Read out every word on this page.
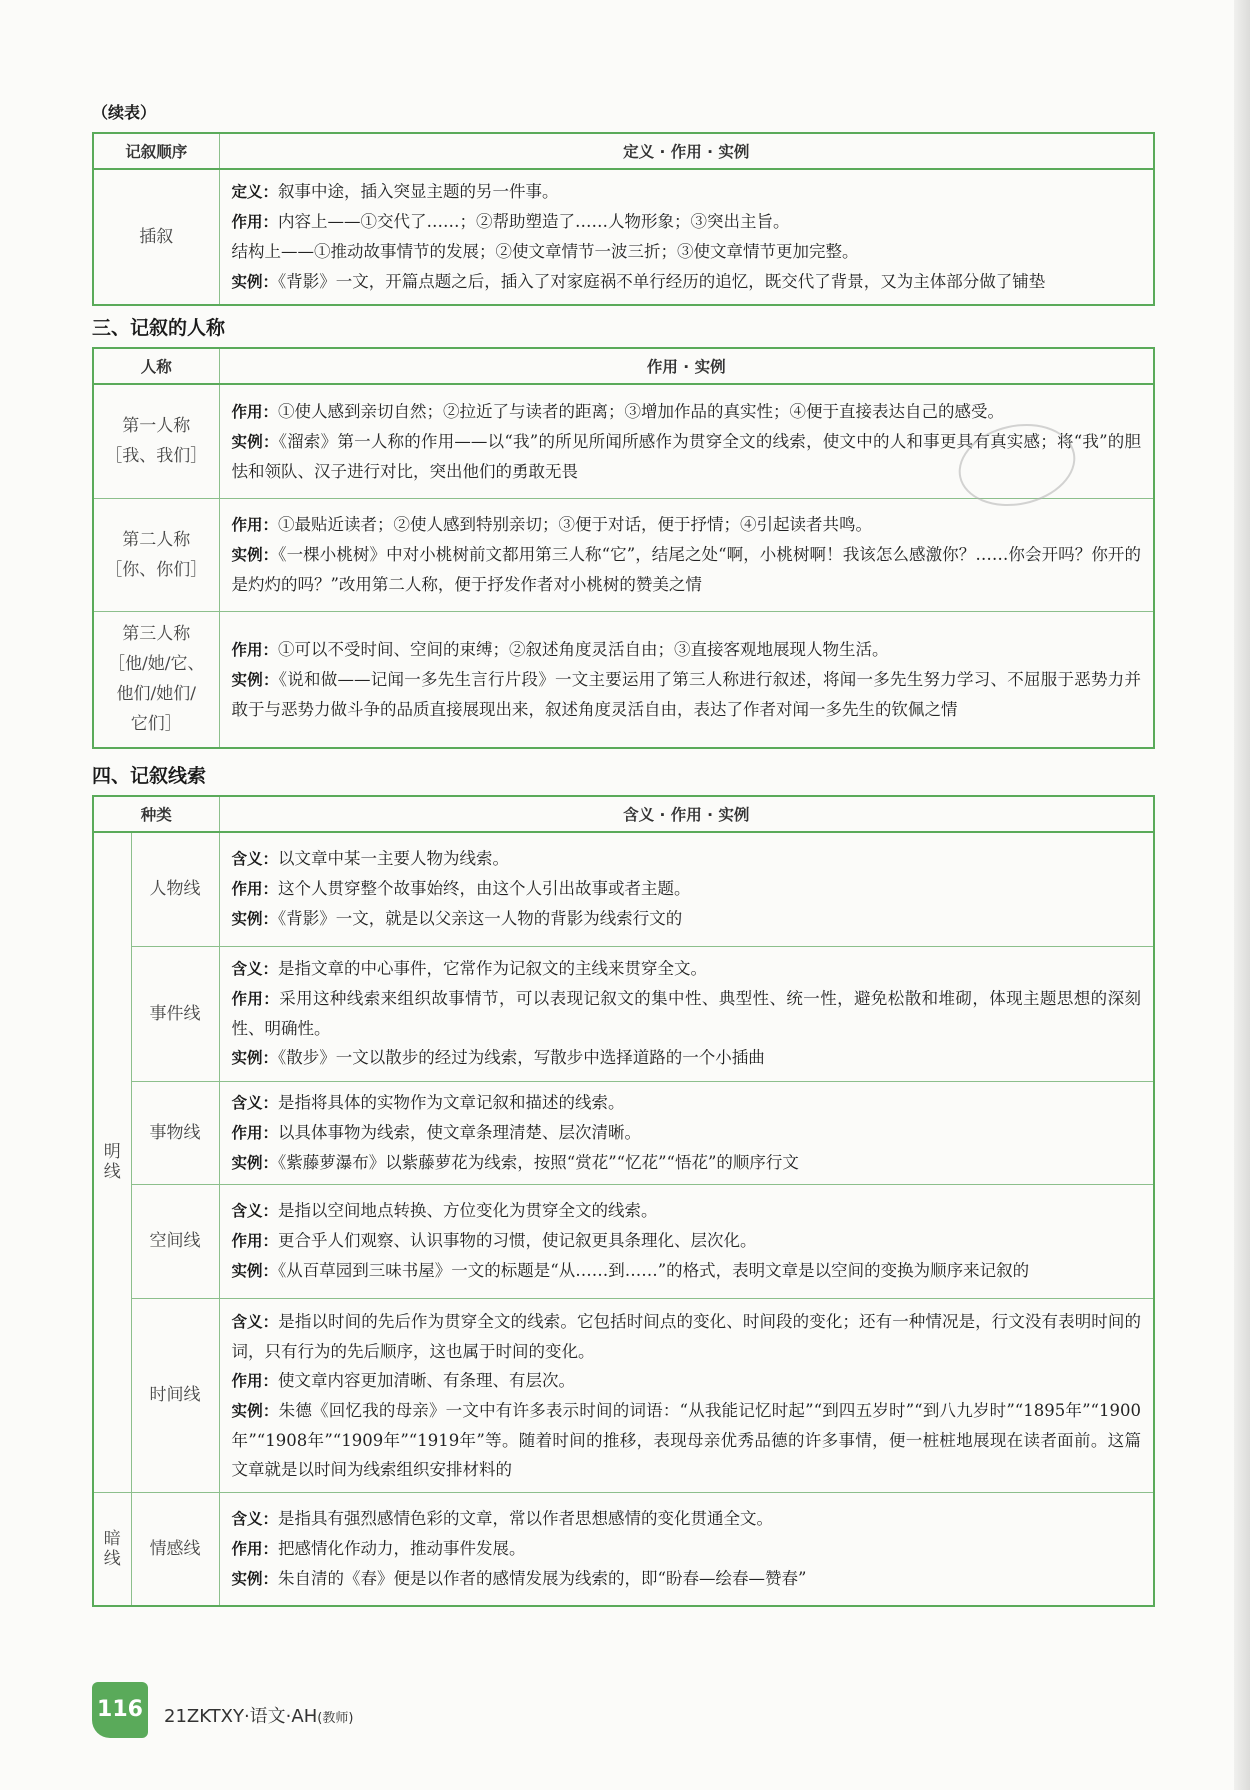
（续表）
记叙顺序	定义 · 作用 · 实例
插叙	定义：叙事中途，插入突显主题的另一件事。
作用：内容上——①交代了……；②帮助塑造了……人物形象；③突出主旨。
结构上——①推动故事情节的发展；②使文章情节一波三折；③使文章情节更加完整。
实例：《背影》一文，开篇点题之后，插入了对家庭祸不单行经历的追忆，既交代了背景，又为主体部分做了铺垫
三、记叙的人称
人称	作用 · 实例

第一人称
［我、我们］	作用：①使人感到亲切自然；②拉近了与读者的距离；③增加作品的真实性；④便于直接表达自己的感受。
实例：《溜索》第一人称的作用——以“我”的所见所闻所感作为贯穿全文的线索，使文中的人和事更具有真实感；将“我”的胆怯和领队、汉子进行对比，突出他们的勇敢无畏

第二人称
［你、你们］	作用：①最贴近读者；②使人感到特别亲切；③便于对话，便于抒情；④引起读者共鸣。
实例：《一棵小桃树》中对小桃树前文都用第三人称“它”，结尾之处“啊，小桃树啊！我该怎么感激你？……你会开吗？你开的是灼灼的吗？”改用第二人称，便于抒发作者对小桃树的赞美之情

第三人称
［他/她/它、
他们/她们/
它们］	作用：①可以不受时间、空间的束缚；②叙述角度灵活自由；③直接客观地展现人物生活。
实例：《说和做——记闻一多先生言行片段》一文主要运用了第三人称进行叙述，将闻一多先生努力学习、不屈服于恶势力并敢于与恶势力做斗争的品质直接展现出来，叙述角度灵活自由，表达了作者对闻一多先生的钦佩之情
四、记叙线索
种类		含义 · 作用 · 实例
明线	人物线	含义：以文章中某一主要人物为线索。
作用：这个人贯穿整个故事始终，由这个人引出故事或者主题。
实例：《背影》一文，就是以父亲这一人物的背影为线索行文的

	事件线	含义：是指文章的中心事件，它常作为记叙文的主线来贯穿全文。
作用：采用这种线索来组织故事情节，可以表现记叙文的集中性、典型性、统一性，避免松散和堆砌，体现主题思想的深刻性、明确性。
实例：《散步》一文以散步的经过为线索，写散步中选择道路的一个小插曲

	事物线	含义：是指将具体的实物作为文章记叙和描述的线索。
作用：以具体事物为线索，使文章条理清楚、层次清晰。
实例：《紫藤萝瀑布》以紫藤萝花为线索，按照“赏花”“忆花”“悟花”的顺序行文

	空间线	含义：是指以空间地点转换、方位变化为贯穿全文的线索。
作用：更合乎人们观察、认识事物的习惯，使记叙更具条理化、层次化。
实例：《从百草园到三味书屋》一文的标题是“从……到……”的格式，表明文章是以空间的变换为顺序来记叙的

	时间线	含义：是指以时间的先后作为贯穿全文的线索。它包括时间点的变化、时间段的变化；还有一种情况是，行文没有表明时间的词，只有行为的先后顺序，这也属于时间的变化。
作用：使文章内容更加清晰、有条理、有层次。
实例：朱德《回忆我的母亲》一文中有许多表示时间的词语：“从我能记忆时起”“到四五岁时”“到八九岁时”“1895年”“1900年”“1908年”“1909年”“1919年”等。随着时间的推移，表现母亲优秀品德的许多事情，便一桩桩地展现在读者面前。这篇文章就是以时间为线索组织安排材料的

暗线	情感线	含义：是指具有强烈感情色彩的文章，常以作者思想感情的变化贯通全文。
作用：把感情化作动力，推动事件发展。
实例：朱自清的《春》便是以作者的感情发展为线索的，即“盼春—绘春—赞春”
116 21ZKTXY·语文·AH(教师)
